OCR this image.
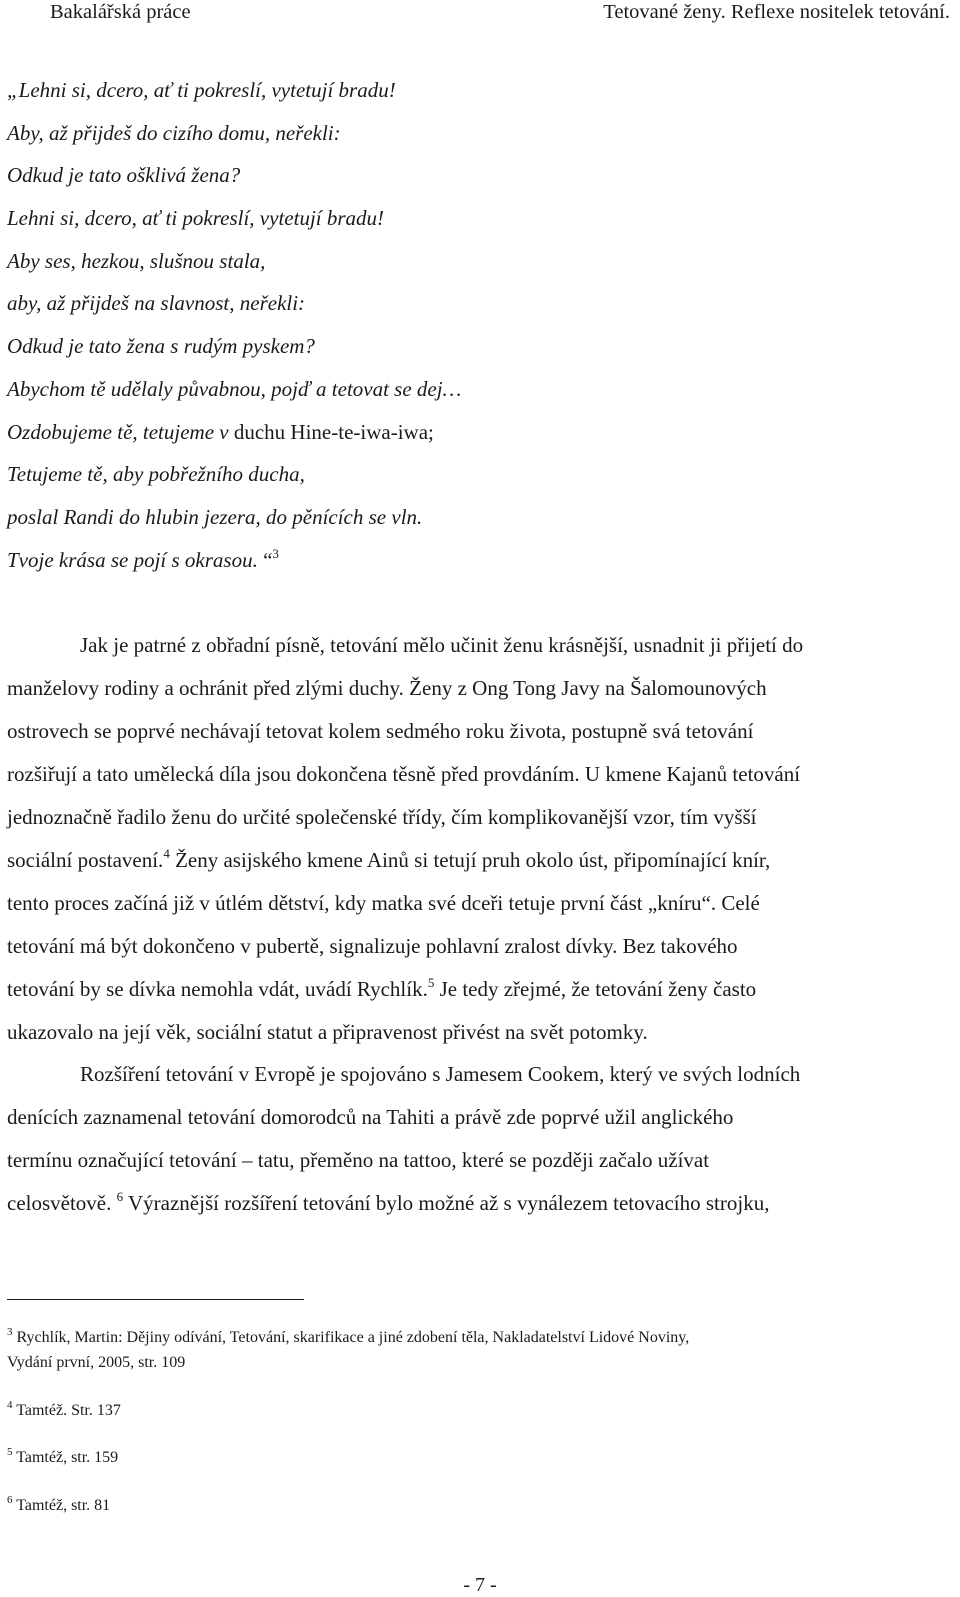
Bakalářská práce	Tetované ženy. Reflexe nositelek tetování.
„Lehni si, dcero, ať ti pokreslí, vytetují bradu!
Aby, až přijdeš do cizího domu, neřekli:
Odkud je tato ošklivá žena?
Lehni si, dcero, ať ti pokreslí, vytetují bradu!
Aby ses, hezkou, slušnou stala,
aby, až přijdeš na slavnost, neřekli:
Odkud je tato žena s rudým pyskem?
Abychom tě udělaly půvabnou, pojď a tetovat se dej…
Ozdobujeme tě, tetujeme v duchu Hine-te-iwa-iwa;
Tetujeme tě, aby pobřežního ducha,
poslal Randi do hlubin jezera, do pěnících se vln.
Tvoje krása se pojí s okrasou. “$^3$
Jak je patrné z obřadní písně, tetování mělo učinit ženu krásnější, usnadnit ji přijetí do
manželovy rodiny a ochránit před zlými duchy. Ženy z Ong Tong Javy na Šalomounových
ostrovech se poprvé nechávají tetovat kolem sedmého roku života, postupně svá tetování
rozšiřují a tato umělecká díla jsou dokončena těsně před provdáním. U kmene Kajanů tetování
jednoznačně řadilo ženu do určité společenské třídy, čím komplikovanější vzor, tím vyšší
sociální postavení.$^4$ Ženy asijského kmene Ainů si tetují pruh okolo úst, připomínající knír,
tento proces začíná již v útlém dětství, kdy matka své dceři tetuje první část „kníru“. Celé
tetování má být dokončeno v pubertě, signalizuje pohlavní zralost dívky. Bez takového
tetování by se dívka nemohla vdát, uvádí Rychlík.$^5$ Je tedy zřejmé, že tetování ženy často
ukazovalo na její věk, sociální statut a připravenost přivést na svět potomky.
Rozšíření tetování v Evropě je spojováno s Jamesem Cookem, který ve svých lodních
denících zaznamenal tetování domorodců na Tahiti a právě zde poprvé užil anglického
termínu označující tetování – tatu, přeměno na tattoo, které se později začalo užívat
celosvětově. $^6$ Výraznější rozšíření tetování bylo možné až s vynálezem tetovacího strojku,
$^3$ Rychlík, Martin: Dějiny odívání, Tetování, skarifikace a jiné zdobení těla, Nakladatelství Lidové Noviny,
Vydání první, 2005, str. 109
$^4$ Tamtéž. Str. 137
$^5$ Tamtéž, str. 159
$^6$ Tamtéž, str. 81
- 7 -
